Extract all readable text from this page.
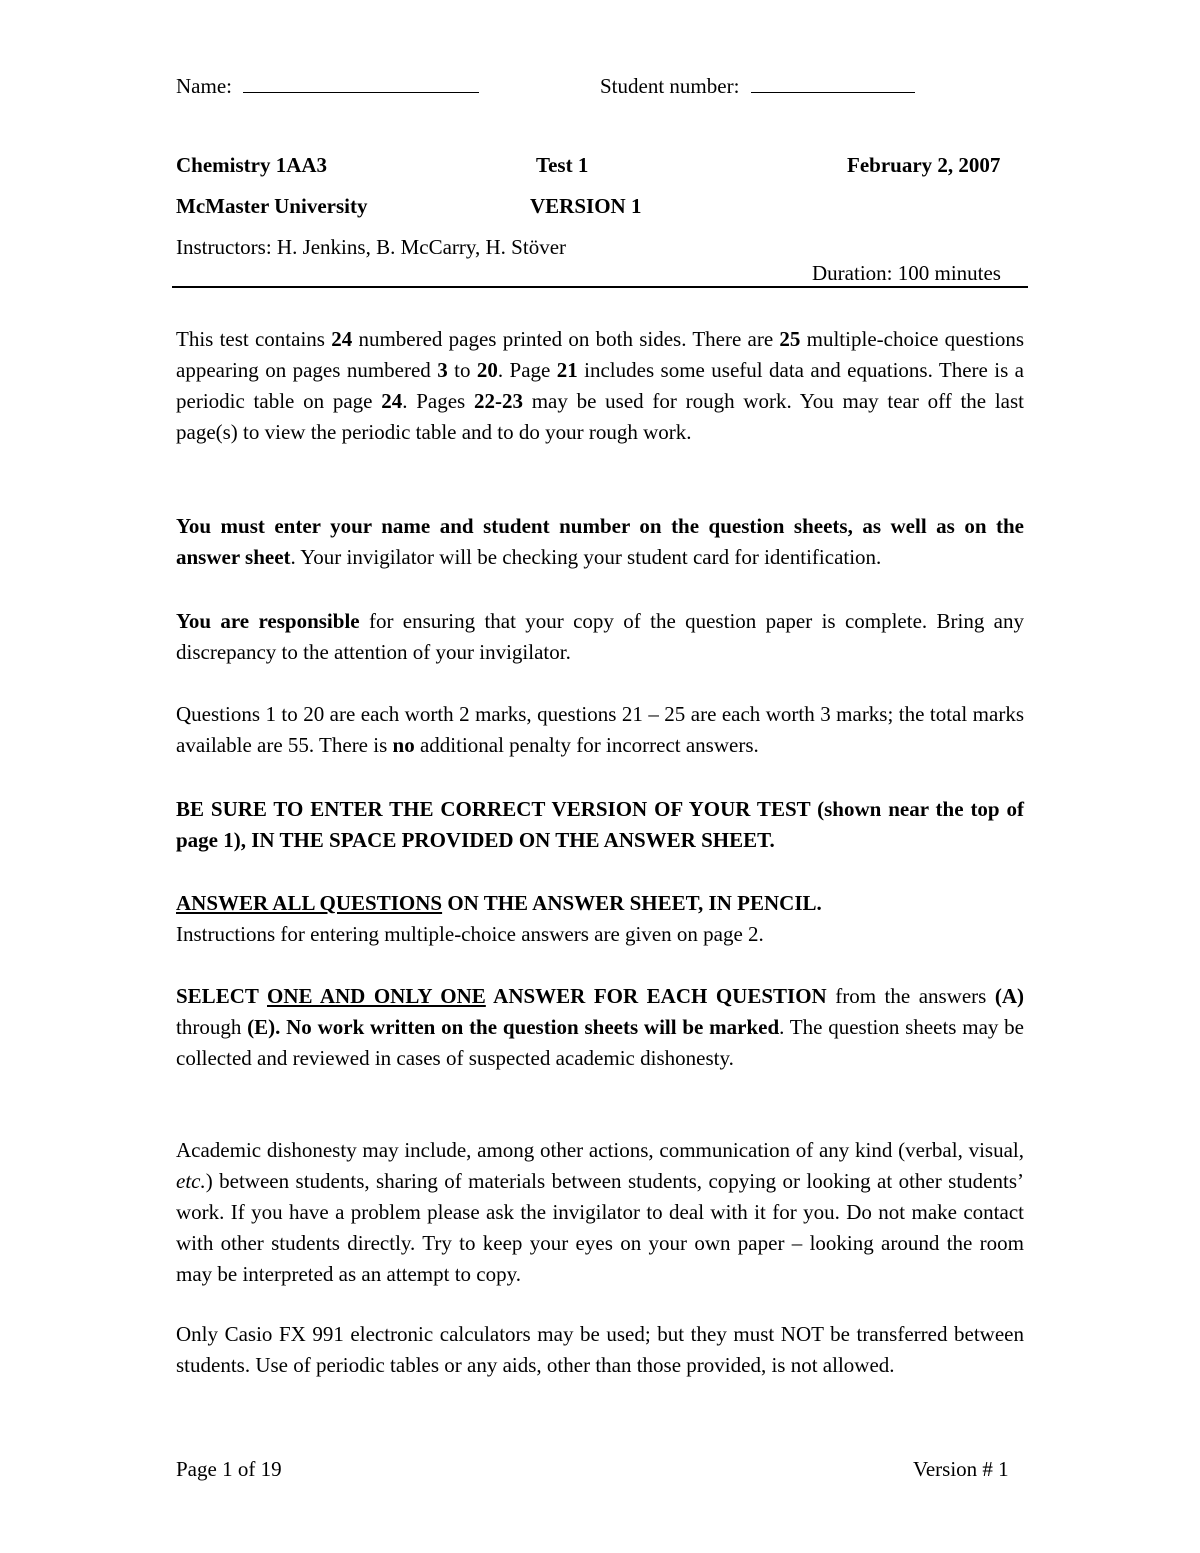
Name:	Student number:
Chemistry 1AA3	Test 1	February 2, 2007
McMaster University	VERSION 1
Instructors: H. Jenkins, B. McCarry, H. Stöver
Duration: 100 minutes
This test contains 24 numbered pages printed on both sides. There are 25 multiple-choice questions appearing on pages numbered 3 to 20. Page 21 includes some useful data and equations. There is a periodic table on page 24. Pages 22-23 may be used for rough work. You may tear off the last page(s) to view the periodic table and to do your rough work.
You must enter your name and student number on the question sheets, as well as on the answer sheet. Your invigilator will be checking your student card for identification.
You are responsible for ensuring that your copy of the question paper is complete. Bring any discrepancy to the attention of your invigilator.
Questions 1 to 20 are each worth 2 marks, questions 21 – 25 are each worth 3 marks; the total marks available are 55. There is no additional penalty for incorrect answers.
BE SURE TO ENTER THE CORRECT VERSION OF YOUR TEST (shown near the top of page 1), IN THE SPACE PROVIDED ON THE ANSWER SHEET.
ANSWER ALL QUESTIONS ON THE ANSWER SHEET, IN PENCIL.
Instructions for entering multiple-choice answers are given on page 2.
SELECT ONE AND ONLY ONE ANSWER FOR EACH QUESTION from the answers (A) through (E). No work written on the question sheets will be marked. The question sheets may be collected and reviewed in cases of suspected academic dishonesty.
Academic dishonesty may include, among other actions, communication of any kind (verbal, visual, etc.) between students, sharing of materials between students, copying or looking at other students’ work. If you have a problem please ask the invigilator to deal with it for you. Do not make contact with other students directly. Try to keep your eyes on your own paper – looking around the room may be interpreted as an attempt to copy.
Only Casio FX 991 electronic calculators may be used; but they must NOT be transferred between students. Use of periodic tables or any aids, other than those provided, is not allowed.
Page 1 of 19	Version # 1
